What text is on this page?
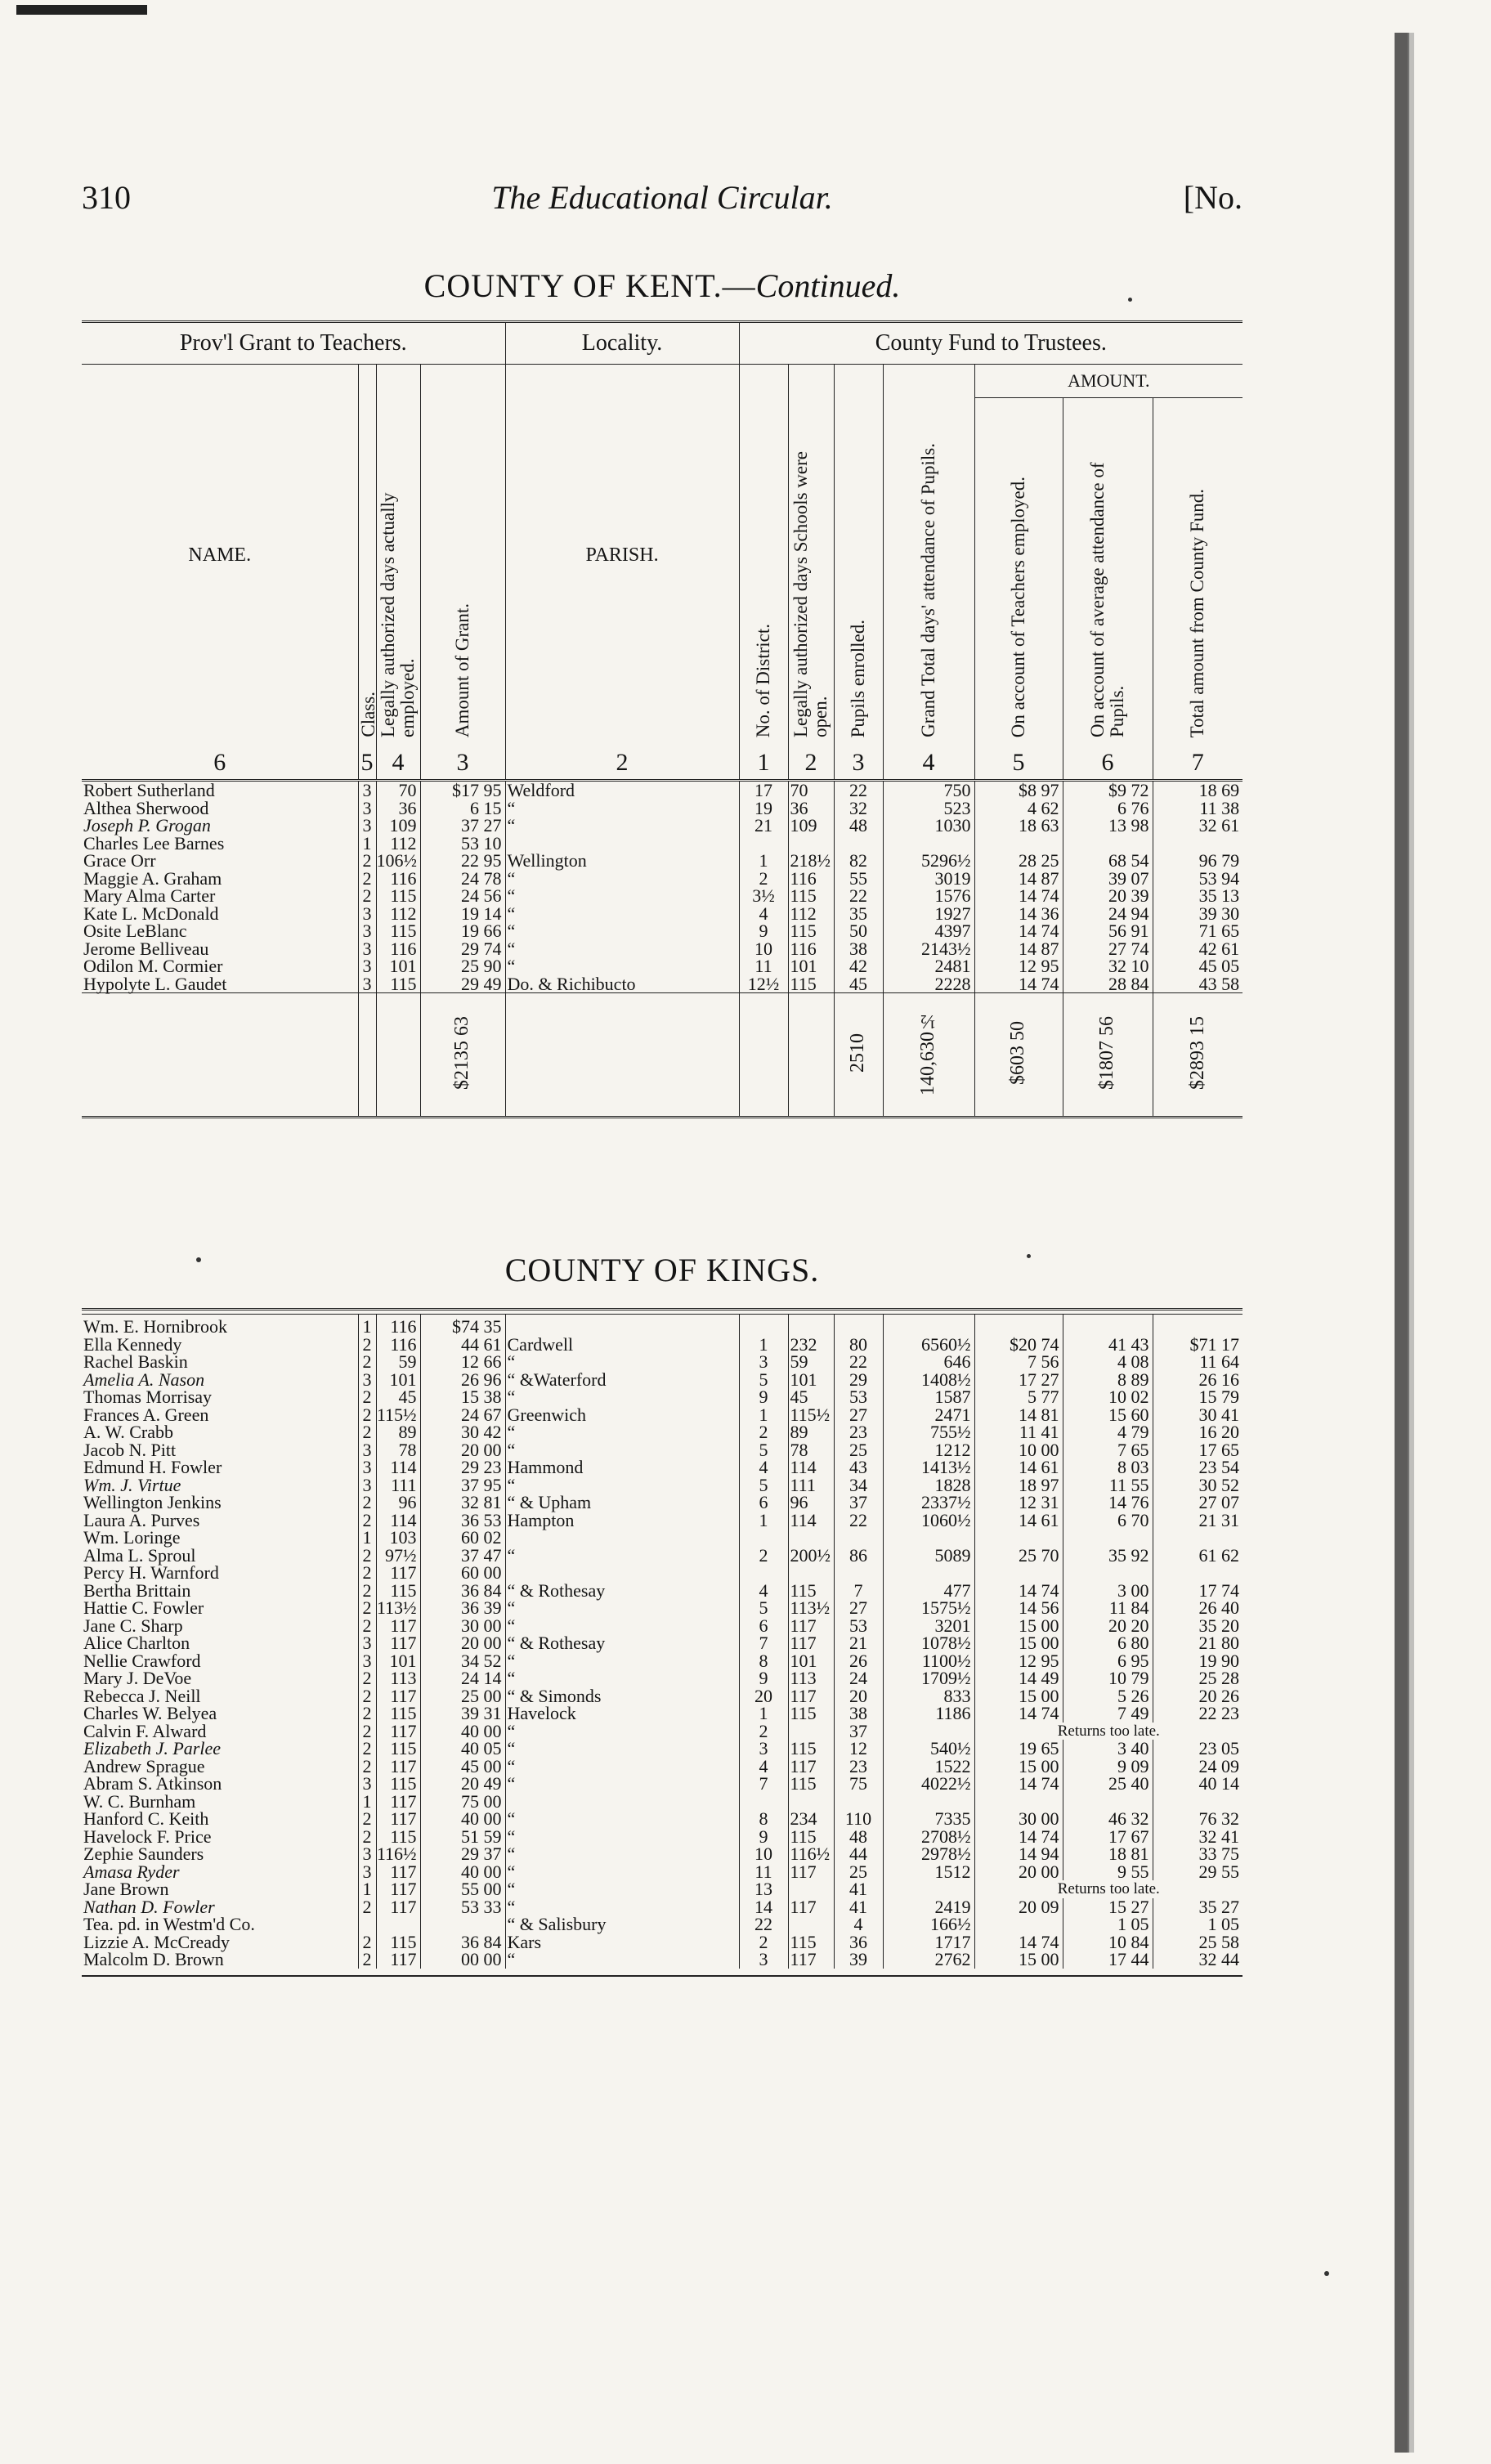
310	The Educational Circular.	[No.
COUNTY OF KENT.—Continued.
Prov'l Grant to Teachers.				Locality.	County Fund to Trustees.						
NAME.	Class.	Legally authorized days actually employed.	Amount of Grant.	PARISH.	No. of District.	Legally authorized days Schools were open.	Pupils enrolled.	Grand Total days' attendance of Pupils.	AMOUNT.		
									On account of Teachers employed.	On account of average attendance of Pupils.	Total amount from County Fund.
6	5	4	3	2	1	2	3	4	5	6	7
Robert Sutherland	3	70	$17 95	Weldford	17	70	22	750	$8 97	$9 72	18 69
Althea Sherwood	3	36	6 15	“	19	36	32	523	4 62	6 76	11 38
Joseph P. Grogan	3	109	37 27	“	21	109	48	1030	18 63	13 98	32 61
Charles Lee Barnes	1	112	53 10								
Grace Orr	2	106½	22 95	Wellington	1	218½	82	5296½	28 25	68 54	96 79
Maggie A. Graham	2	116	24 78	“	2	116	55	3019	14 87	39 07	53 94
Mary Alma Carter	2	115	24 56	“	3½	115	22	1576	14 74	20 39	35 13
Kate L. McDonald	3	112	19 14	“	4	112	35	1927	14 36	24 94	39 30
Osite LeBlanc	3	115	19 66	“	9	115	50	4397	14 74	56 91	71 65
Jerome Belliveau	3	116	29 74	“	10	116	38	2143½	14 87	27 74	42 61
Odilon M. Cormier	3	101	25 90	“	11	101	42	2481	12 95	32 10	45 05
Hypolyte L. Gaudet	3	115	29 49	Do. & Richibucto	12½	115	45	2228	14 74	28 84	43 58
			$2135 63				2510	140,630½	$603 50	$1807 56	$2893 15
COUNTY OF KINGS.

Wm. E. Hornibrook	1	116	$74 35								
Ella Kennedy	2	116	44 61	Cardwell	1	232	80	6560½	$20 74	41 43	$71 17
Rachel Baskin	2	59	12 66	“	3	59	22	646	7 56	4 08	11 64
Amelia A. Nason	3	101	26 96	“ &Waterford	5	101	29	1408½	17 27	8 89	26 16
Thomas Morrisay	2	45	15 38	“	9	45	53	1587	5 77	10 02	15 79
Frances A. Green	2	115½	24 67	Greenwich	1	115½	27	2471	14 81	15 60	30 41
A. W. Crabb	2	89	30 42	“	2	89	23	755½	11 41	4 79	16 20
Jacob N. Pitt	3	78	20 00	“	5	78	25	1212	10 00	7 65	17 65
Edmund H. Fowler	3	114	29 23	Hammond	4	114	43	1413½	14 61	8 03	23 54
Wm. J. Virtue	3	111	37 95	“	5	111	34	1828	18 97	11 55	30 52
Wellington Jenkins	2	96	32 81	“ & Upham	6	96	37	2337½	12 31	14 76	27 07
Laura A. Purves	2	114	36 53	Hampton	1	114	22	1060½	14 61	6 70	21 31
Wm. Loringe	1	103	60 02								
Alma L. Sproul	2	97½	37 47	“	2	200½	86	5089	25 70	35 92	61 62
Percy H. Warnford	2	117	60 00								
Bertha Brittain	2	115	36 84	“ & Rothesay	4	115	7	477	14 74	3 00	17 74
Hattie C. Fowler	2	113½	36 39	“	5	113½	27	1575½	14 56	11 84	26 40
Jane C. Sharp	2	117	30 00	“	6	117	53	3201	15 00	20 20	35 20
Alice Charlton	3	117	20 00	“ & Rothesay	7	117	21	1078½	15 00	6 80	21 80
Nellie Crawford	3	101	34 52	“	8	101	26	1100½	12 95	6 95	19 90
Mary J. DeVoe	2	113	24 14	“	9	113	24	1709½	14 49	10 79	25 28
Rebecca J. Neill	2	117	25 00	“ & Simonds	20	117	20	833	15 00	5 26	20 26
Charles W. Belyea	2	115	39 31	Havelock	1	115	38	1186	14 74	7 49	22 23
Calvin F. Alward	2	117	40 00	“	2		37		Returns too late.		
Elizabeth J. Parlee	2	115	40 05	“	3	115	12	540½	19 65	3 40	23 05
Andrew Sprague	2	117	45 00	“	4	117	23	1522	15 00	9 09	24 09
Abram S. Atkinson	3	115	20 49	“	7	115	75	4022½	14 74	25 40	40 14
W. C. Burnham	1	117	75 00								
Hanford C. Keith	2	117	40 00	“	8	234	110	7335	30 00	46 32	76 32
Havelock F. Price	2	115	51 59	“	9	115	48	2708½	14 74	17 67	32 41
Zephie Saunders	3	116½	29 37	“	10	116½	44	2978½	14 94	18 81	33 75
Amasa Ryder	3	117	40 00	“	11	117	25	1512	20 00	9 55	29 55
Jane Brown	1	117	55 00	“	13		41		Returns too late.		
Nathan D. Fowler	2	117	53 33	“	14	117	41	2419	20 09	15 27	35 27
Tea. pd. in Westm'd Co.				“ & Salisbury	22		4	166½		1 05	1 05
Lizzie A. McCready	2	115	36 84	Kars	2	115	36	1717	14 74	10 84	25 58
Malcolm D. Brown	2	117	00 00	“	3	117	39	2762	15 00	17 44	32 44
